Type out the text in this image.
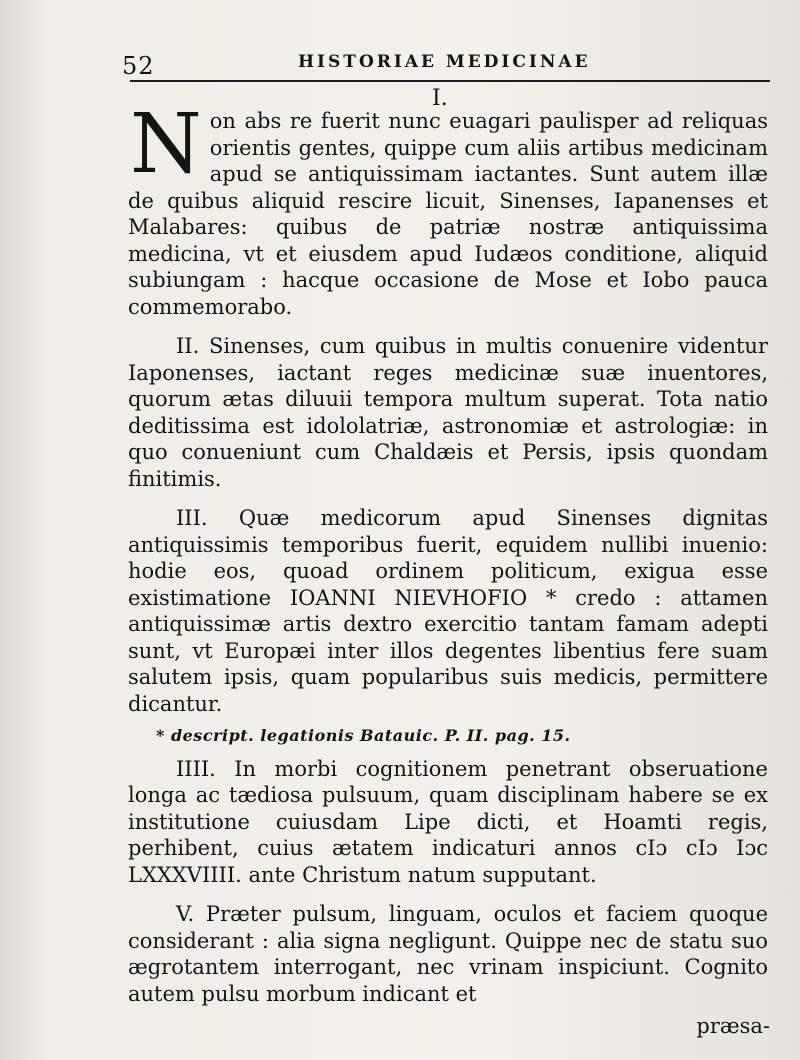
52	HISTORIAE MEDICINAE
I.

Non abs re fuerit nunc euagari paulisper ad reliquas orientis gentes, quippe cum aliis artibus medicinam apud se antiquissimam iactantes. Sunt autem illæ de quibus aliquid rescire licuit, Sinenses, Iapanenses et Malabares: quibus de patriæ nostræ antiquissima medicina, vt et eiusdem apud Iudæos conditione, aliquid subiungam : hacque occasione de Mose et Iobo pauca commemorabo.

II. Sinenses, cum quibus in multis conuenire videntur Iaponenses, iactant reges medicinæ suæ inuentores, quorum ætas diluuii tempora multum superat. Tota natio deditissima est idololatriæ, astronomiæ et astrologiæ: in quo conueniunt cum Chaldæis et Persis, ipsis quondam finitimis.

III. Quæ medicorum apud Sinenses dignitas antiquissimis temporibus fuerit, equidem nullibi inuenio: hodie eos, quoad ordinem politicum, exigua esse existimatione IOANNI NIEVHOFIO * credo : attamen antiquissimæ artis dextro exercitio tantam famam adepti sunt, vt Europæi inter illos degentes libentius fere suam salutem ipsis, quam popularibus suis medicis, permittere dicantur.

* descript. legationis Batauic. P. II. pag. 15.

IIII. In morbi cognitionem penetrant obseruatione longa ac tædiosa pulsuum, quam disciplinam habere se ex institutione cuiusdam Lipe dicti, et Hoamti regis, perhibent, cuius ætatem indicaturi annos cIɔ cIɔ Iɔc LXXXVIIII. ante Christum natum supputant.

V. Præter pulsum, linguam, oculos et faciem quoque considerant : alia signa negligunt. Quippe nec de statu suo ægrotantem interrogant, nec vrinam inspiciunt. Cognito autem pulsu morbum indicant et

præsa-
